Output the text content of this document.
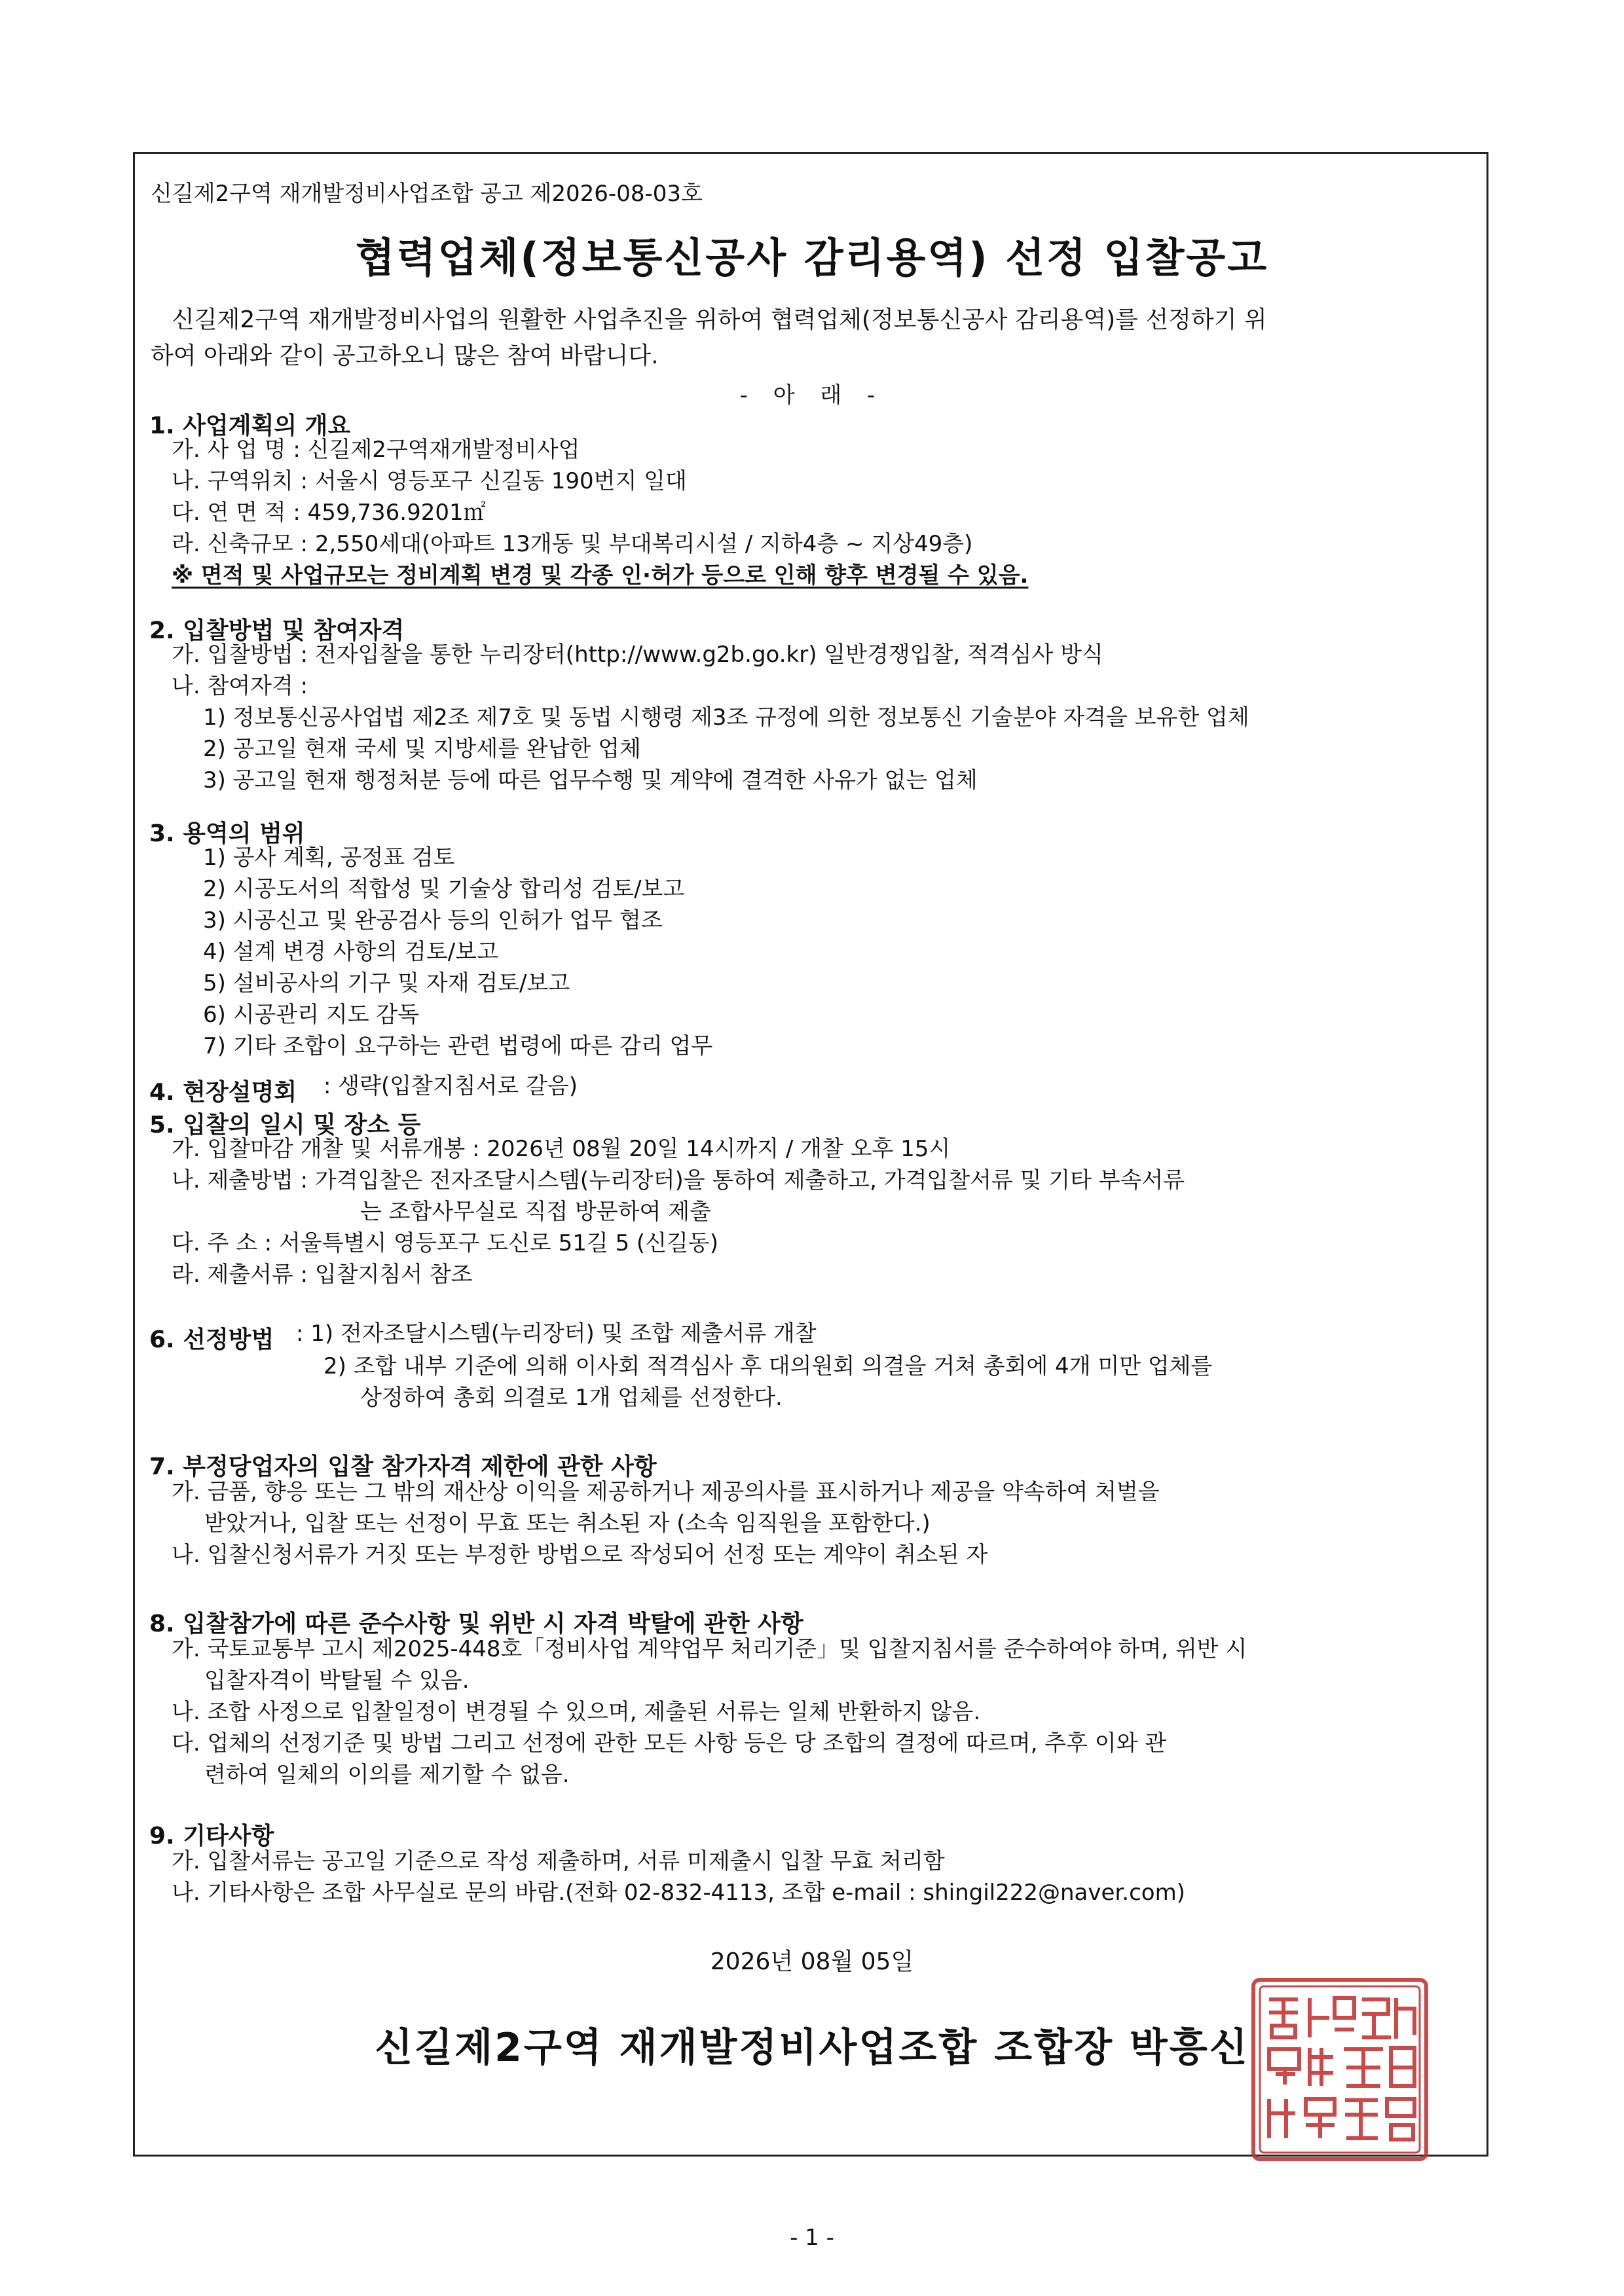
신길제2구역 재개발정비사업조합 공고 제2026-08-03호
협력업체(정보통신공사 감리용역) 선정 입찰공고
신길제2구역 재개발정비사업의 원활한 사업추진을 위하여 협력업체(정보통신공사 감리용역)를 선정하기 위
하여 아래와 같이 공고하오니 많은 참여 바랍니다.
- 아 래 -
1. 사업계획의 개요
가. 사 업 명 : 신길제2구역재개발정비사업
나. 구역위치 : 서울시 영등포구 신길동 190번지 일대
다. 연 면 적 : 459,736.9201㎡
라. 신축규모 : 2,550세대(아파트 13개동 및 부대복리시설 / 지하4층 ~ 지상49층)
※ 면적 및 사업규모는 정비계획 변경 및 각종 인·허가 등으로 인해 향후 변경될 수 있음.
2. 입찰방법 및 참여자격
가. 입찰방법 : 전자입찰을 통한 누리장터(http://www.g2b.go.kr) 일반경쟁입찰, 적격심사 방식
나. 참여자격 :
1) 정보통신공사업법 제2조 제7호 및 동법 시행령 제3조 규정에 의한 정보통신 기술분야 자격을 보유한 업체
2) 공고일 현재 국세 및 지방세를 완납한 업체
3) 공고일 현재 행정처분 등에 따른 업무수행 및 계약에 결격한 사유가 없는 업체
3. 용역의 범위
1) 공사 계획, 공정표 검토
2) 시공도서의 적합성 및 기술상 합리성 검토/보고
3) 시공신고 및 완공검사 등의 인허가 업무 협조
4) 설계 변경 사항의 검토/보고
5) 설비공사의 기구 및 자재 검토/보고
6) 시공관리 지도 감독
7) 기타 조합이 요구하는 관련 법령에 따른 감리 업무
4. 현장설명회 : 생략(입찰지침서로 갈음)
5. 입찰의 일시 및 장소 등
가. 입찰마감 개찰 및 서류개봉 : 2026년 08월 20일 14시까지 / 개찰 오후 15시
나. 제출방법 : 가격입찰은 전자조달시스템(누리장터)을 통하여 제출하고, 가격입찰서류 및 기타 부속서류
는 조합사무실로 직접 방문하여 제출
다. 주 소 : 서울특별시 영등포구 도신로 51길 5 (신길동)
라. 제출서류 : 입찰지침서 참조
6. 선정방법 : 1) 전자조달시스템(누리장터) 및 조합 제출서류 개찰
2) 조합 내부 기준에 의해 이사회 적격심사 후 대의원회 의결을 거쳐 총회에 4개 미만 업체를
상정하여 총회 의결로 1개 업체를 선정한다.
7. 부정당업자의 입찰 참가자격 제한에 관한 사항
가. 금품, 향응 또는 그 밖의 재산상 이익을 제공하거나 제공의사를 표시하거나 제공을 약속하여 처벌을
받았거나, 입찰 또는 선정이 무효 또는 취소된 자 (소속 임직원을 포함한다.)
나. 입찰신청서류가 거짓 또는 부정한 방법으로 작성되어 선정 또는 계약이 취소된 자
8. 입찰참가에 따른 준수사항 및 위반 시 자격 박탈에 관한 사항
가. 국토교통부 고시 제2025-448호「정비사업 계약업무 처리기준」및 입찰지침서를 준수하여야 하며, 위반 시
입찰자격이 박탈될 수 있음.
나. 조합 사정으로 입찰일정이 변경될 수 있으며, 제출된 서류는 일체 반환하지 않음.
다. 업체의 선정기준 및 방법 그리고 선정에 관한 모든 사항 등은 당 조합의 결정에 따르며, 추후 이와 관
련하여 일체의 이의를 제기할 수 없음.
9. 기타사항
가. 입찰서류는 공고일 기준으로 작성 제출하며, 서류 미제출시 입찰 무효 처리함
나. 기타사항은 조합 사무실로 문의 바람.(전화 02-832-4113, 조합 e-mail : shingil222@naver.com)
2026년 08월 05일
신길제2구역 재개발정비사업조합 조합장 박흥신
- 1 -
